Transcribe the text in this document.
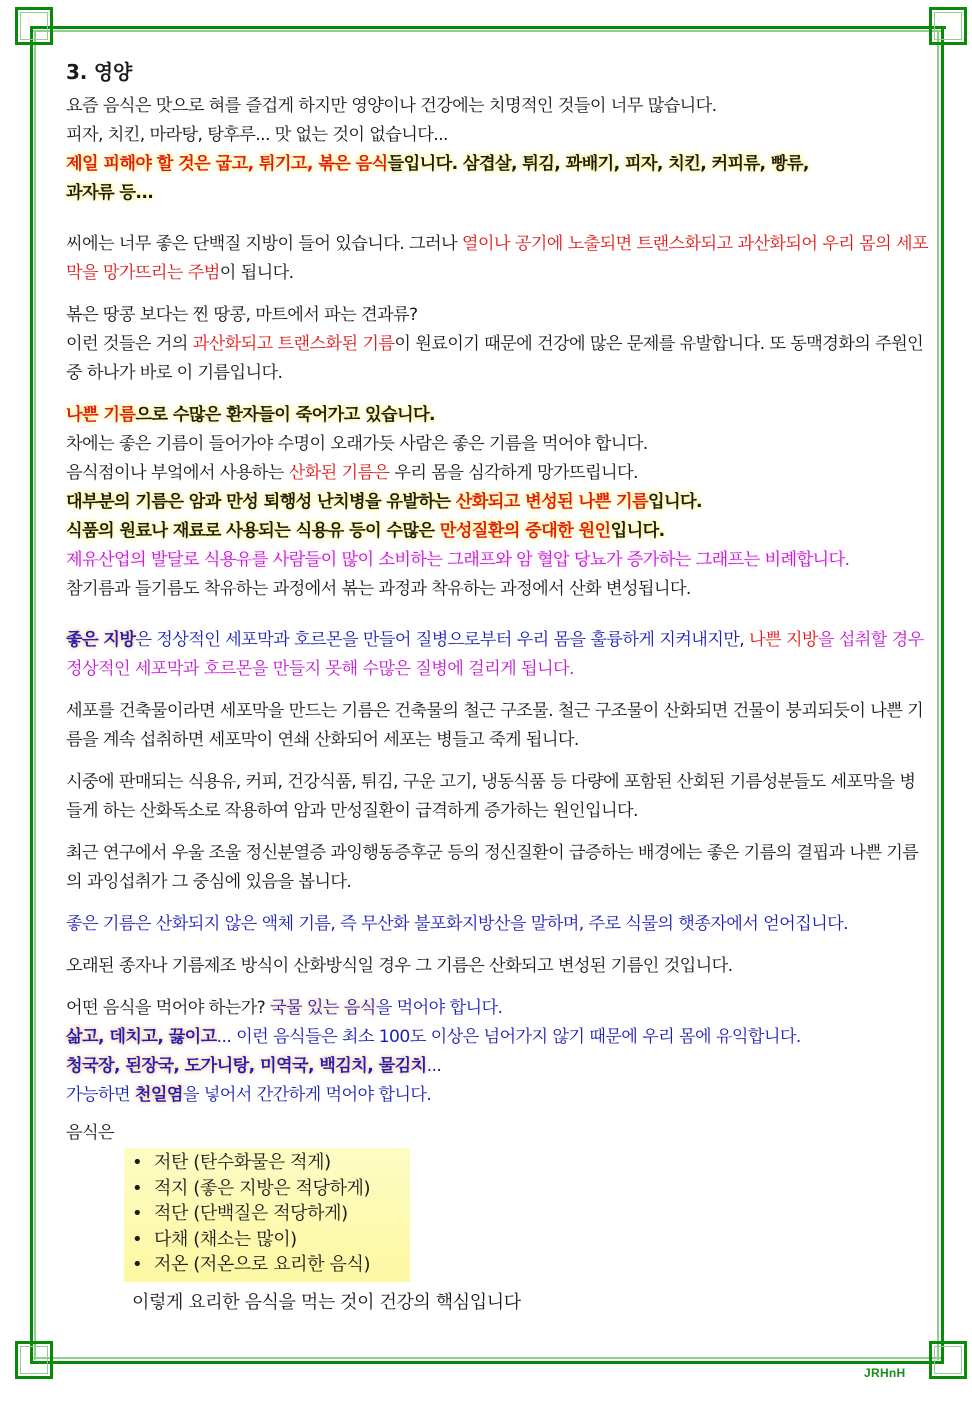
3. 영양

요즘 음식은 맛으로 혀를 즐겁게 하지만 영양이나 건강에는 치명적인 것들이 너무 많습니다.

피자, 치킨, 마라탕, 탕후루... 맛 없는 것이 없습니다...

제일 피해야 할 것은 굽고, 튀기고, 볶은 음식들입니다. 삼겹살, 튀김, 꽈배기, 피자, 치킨, 커피류, 빵류,

과자류 등...

씨에는 너무 좋은 단백질 지방이 들어 있습니다. 그러나 열이나 공기에 노출되면 트랜스화되고 과산화되어 우리 몸의 세포막을 망가뜨리는 주범이 됩니다.

볶은 땅콩 보다는 찐 땅콩, 마트에서 파는 견과류?

이런 것들은 거의 과산화되고 트랜스화된 기름이 원료이기 때문에 건강에 많은 문제를 유발합니다. 또 동맥경화의 주원인 중 하나가 바로 이 기름입니다.

나쁜 기름으로 수많은 환자들이 죽어가고 있습니다.

차에는 좋은 기름이 들어가야 수명이 오래가듯 사람은 좋은 기름을 먹어야 합니다.

음식점이나 부엌에서 사용하는 산화된 기름은 우리 몸을 심각하게 망가뜨립니다.

대부분의 기름은 암과 만성 퇴행성 난치병을 유발하는 산화되고 변성된 나쁜 기름입니다.

식품의 원료나 재료로 사용되는 식용유 등이 수많은 만성질환의 중대한 원인입니다.

제유산업의 발달로 식용유를 사람들이 많이 소비하는 그래프와 암 혈압 당뇨가 증가하는 그래프는 비례합니다.

참기름과 들기름도 착유하는 과정에서 볶는 과정과 착유하는 과정에서 산화 변성됩니다.

좋은 지방은 정상적인 세포막과 호르몬을 만들어 질병으로부터 우리 몸을 훌륭하게 지켜내지만, 나쁜 지방을 섭취할 경우 정상적인 세포막과 호르몬을 만들지 못해 수많은 질병에 걸리게 됩니다.

세포를 건축물이라면 세포막을 만드는 기름은 건축물의 철근 구조물. 철근 구조물이 산화되면 건물이 붕괴되듯이 나쁜 기름을 계속 섭취하면 세포막이 연쇄 산화되어 세포는 병들고 죽게 됩니다.

시중에 판매되는 식용유, 커피, 건강식품, 튀김, 구운 고기, 냉동식품 등 다량에 포함된 산회된 기름성분들도 세포막을 병들게 하는 산화독소로 작용하여 암과 만성질환이 급격하게 증가하는 원인입니다.

최근 연구에서 우울 조울 정신분열증 과잉행동증후군 등의 정신질환이 급증하는 배경에는 좋은 기름의 결핍과 나쁜 기름의 과잉섭취가 그 중심에 있음을 봅니다.

좋은 기름은 산화되지 않은 액체 기름, 즉 무산화 불포화지방산을 말하며, 주로 식물의 햇종자에서 얻어집니다.

오래된 종자나 기름제조 방식이 산화방식일 경우 그 기름은 산화되고 변성된 기름인 것입니다.

어떤 음식을 먹어야 하는가? 국물 있는 음식을 먹어야 합니다.

삶고, 데치고, 끓이고... 이런 음식들은 최소 100도 이상은 넘어가지 않기 때문에 우리 몸에 유익합니다.

청국장, 된장국, 도가니탕, 미역국, 백김치, 물김치...

가능하면 천일염을 넣어서 간간하게 먹어야 합니다.

음식은

• 저탄 (탄수화물은 적게)
• 적지 (좋은 지방은 적당하게)
• 적단 (단백질은 적당하게)
• 다채 (채소는 많이)
• 저온 (저온으로 요리한 음식)

이렇게 요리한 음식을 먹는 것이 건강의 핵심입니다

JRHnH
